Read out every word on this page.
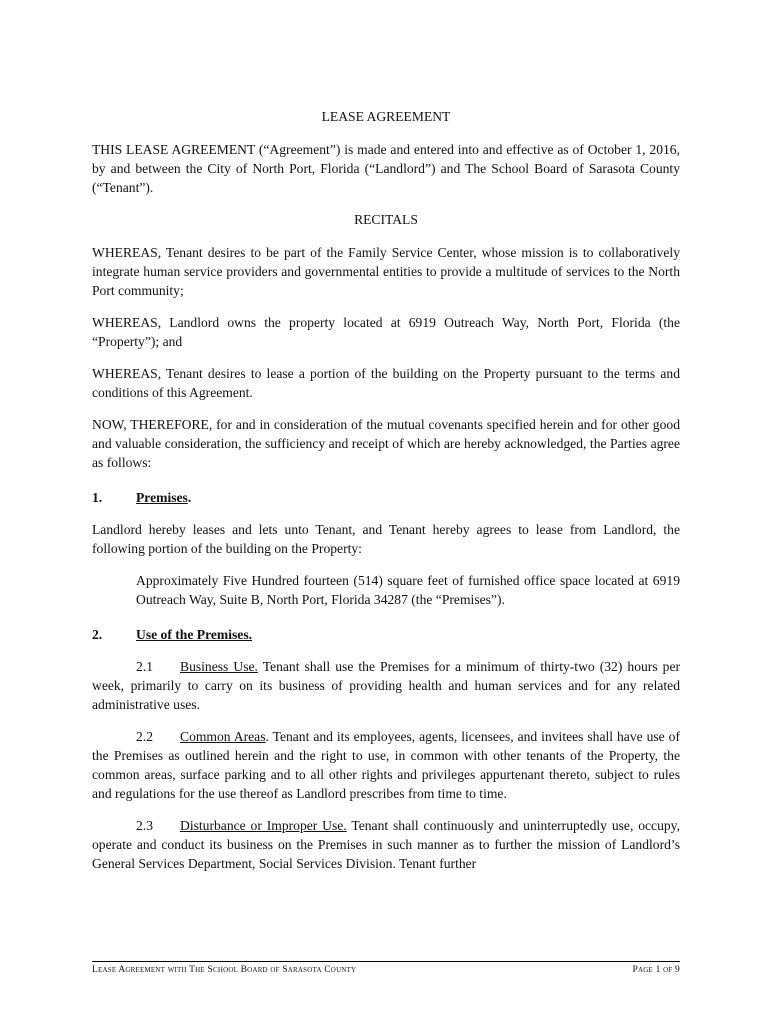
LEASE AGREEMENT

THIS LEASE AGREEMENT (“Agreement”) is made and entered into and effective as of October 1, 2016, by and between the City of North Port, Florida (“Landlord”) and The School Board of Sarasota County (“Tenant”).

RECITALS

WHEREAS, Tenant desires to be part of the Family Service Center, whose mission is to collaboratively integrate human service providers and governmental entities to provide a multitude of services to the North Port community;

WHEREAS, Landlord owns the property located at 6919 Outreach Way, North Port, Florida (the “Property”); and

WHEREAS, Tenant desires to lease a portion of the building on the Property pursuant to the terms and conditions of this Agreement.

NOW, THEREFORE, for and in consideration of the mutual covenants specified herein and for other good and valuable consideration, the sufficiency and receipt of which are hereby acknowledged, the Parties agree as follows:

1.	Premises.

Landlord hereby leases and lets unto Tenant, and Tenant hereby agrees to lease from Landlord, the following portion of the building on the Property:

Approximately Five Hundred fourteen (514) square feet of furnished office space located at 6919 Outreach Way, Suite B, North Port, Florida 34287 (the “Premises”).
2.	Use of the Premises.

2.1 Business Use. Tenant shall use the Premises for a minimum of thirty-two (32) hours per week, primarily to carry on its business of providing health and human services and for any related administrative uses.

2.2 Common Areas. Tenant and its employees, agents, licensees, and invitees shall have use of the Premises as outlined herein and the right to use, in common with other tenants of the Property, the common areas, surface parking and to all other rights and privileges appurtenant thereto, subject to rules and regulations for the use thereof as Landlord prescribes from time to time.

2.3 Disturbance or Improper Use. Tenant shall continuously and uninterruptedly use, occupy, operate and conduct its business on the Premises in such manner as to further the mission of Landlord’s General Services Department, Social Services Division. Tenant further

Lease Agreement with The School Board of Sarasota County	Page 1 of 9
